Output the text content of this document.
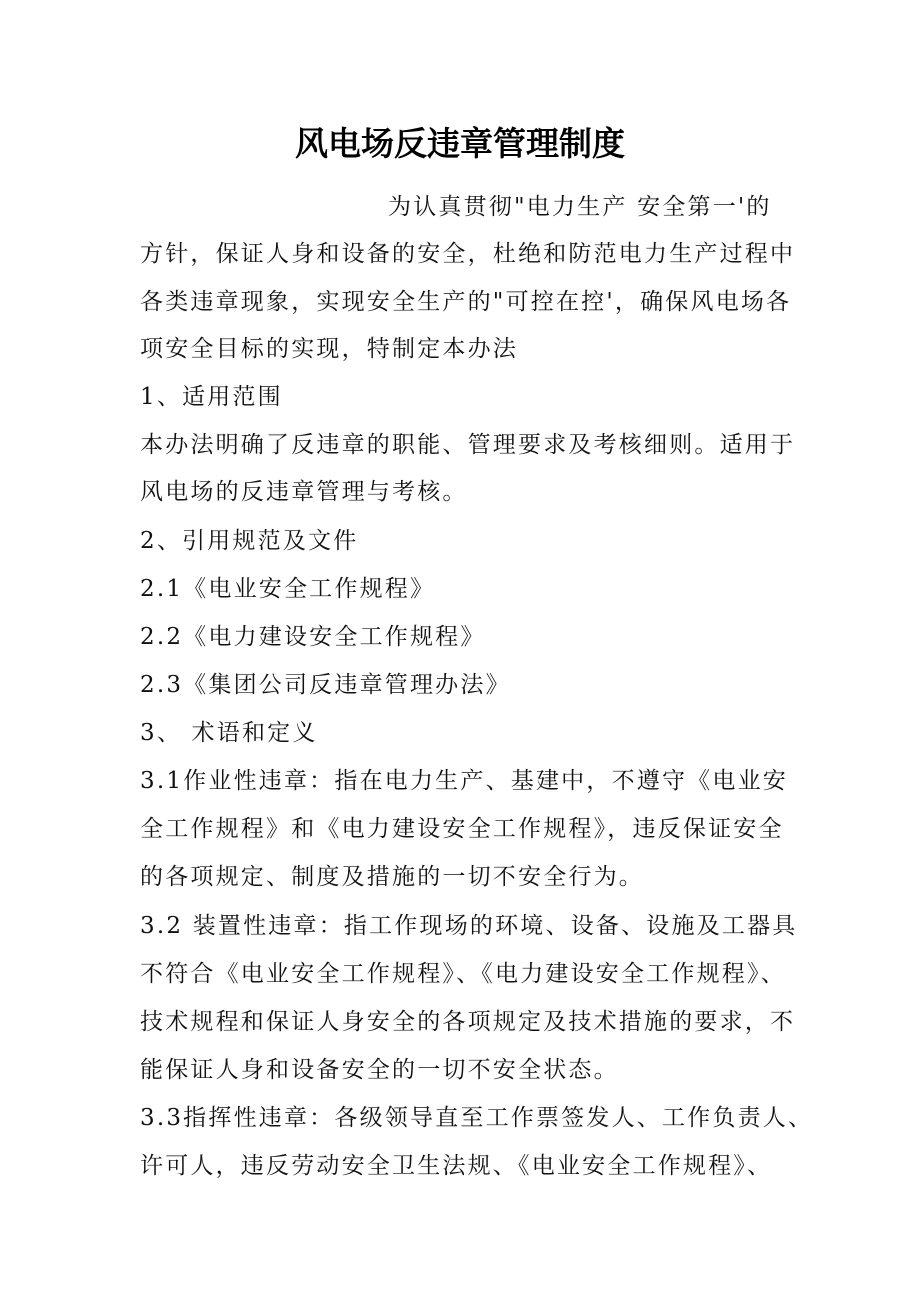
风电场反违章管理制度
为认真贯彻"电力生产 安全第一'的
方针，保证人身和设备的安全，杜绝和防范电力生产过程中
各类违章现象，实现安全生产的"可控在控'，确保风电场各
项安全目标的实现，特制定本办法
1、适用范围
本办法明确了反违章的职能、管理要求及考核细则。适用于
风电场的反违章管理与考核。
2、引用规范及文件
2.1《电业安全工作规程》
2.2《电力建设安全工作规程》
2.3《集团公司反违章管理办法》
3、 术语和定义
3.1作业性违章：指在电力生产、基建中，不遵守《电业安
全工作规程》和《电力建设安全工作规程》，违反保证安全
的各项规定、制度及措施的一切不安全行为。
3.2 装置性违章：指工作现场的环境、设备、设施及工器具
不符合《电业安全工作规程》、《电力建设安全工作规程》、
技术规程和保证人身安全的各项规定及技术措施的要求，不
能保证人身和设备安全的一切不安全状态。
3.3指挥性违章：各级领导直至工作票签发人、工作负责人、
许可人，违反劳动安全卫生法规、《电业安全工作规程》、
